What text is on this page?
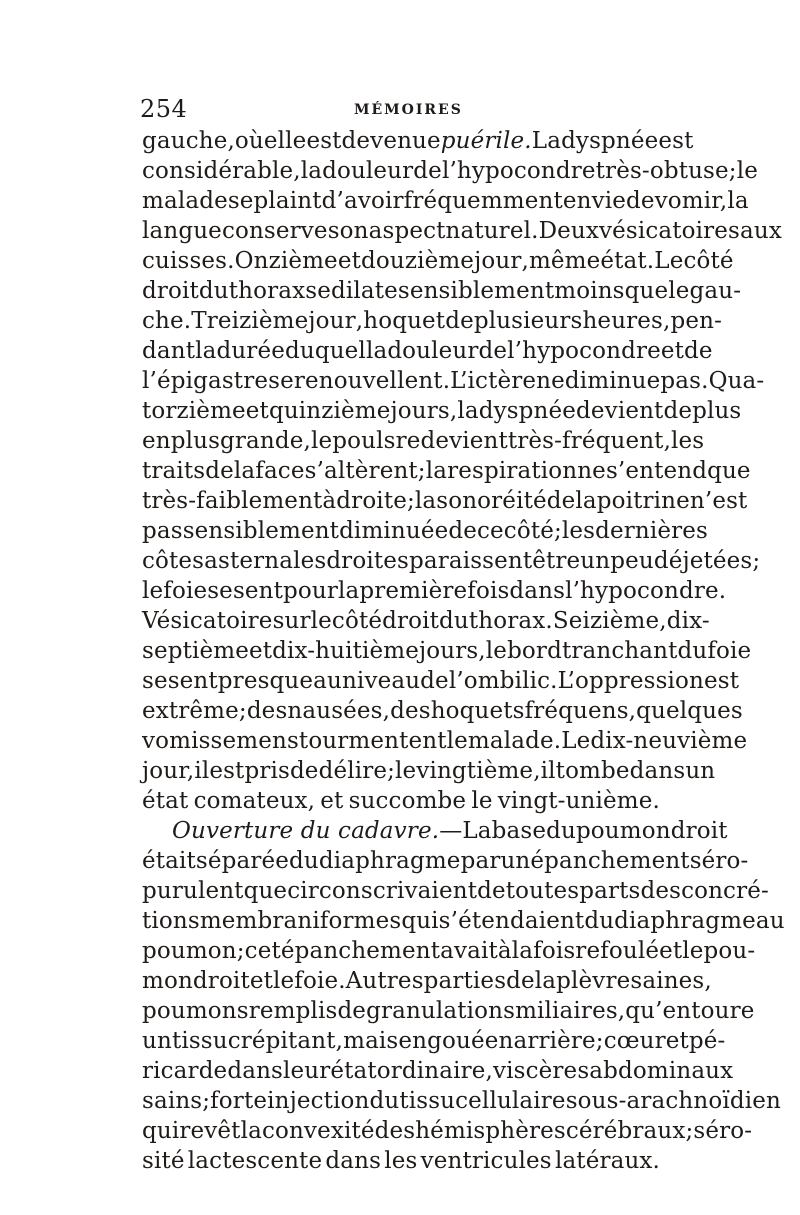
254	MÉMOIRES
gauche, où elle est devenue puérile. La dyspnée est
considérable, la douleur de l’hypocondre très-obtuse ; le
malade se plaint d’avoir fréquemment envie de vomir, la
langue conserve son aspect naturel. Deux vésicatoires aux
cuisses. Onzième et douzième jour , même état. Le côté
droit du thorax se dilate sensiblement moins que le gau-
che. Treizième jour , hoquet de plusieurs heures , pen-
dant la durée duquel la douleur de l’hypocondre et de
l’épigastre se renouvellent. L’ictère ne diminue pas. Qua-
torzième et quinzième jours, la dyspnée devient de plus
en plus grande, le pouls redevient très-fréquent, les
traits de la face s’altèrent; la respiration ne s’entend que
très-faiblement à droite; la sonoréité de la poitrine n’est
pas sensiblement diminuée de ce côté; les dernières
côtes asternales droites paraissent être un peu déjetées ;
le foie se sent pour la première fois dans l’hypocondre.
Vésicatoire sur le côté droit du thorax. Seizième, dix-
septième et dix-huitième jours, le bord tranchant du foie
se sent presque au niveau de l’ombilic. L’oppression est
extrême; des nausées, des hoquets fréquens, quelques
vomissemens tourmentent le malade. Le dix-neuvième
jour, il est pris de délire; le vingtième , il tombe dans un
état comateux, et succombe le vingt-unième.
Ouverture du cadavre. — La base du poumon droit
était séparée du diaphragme par un épanchement séro-
purulent que circonscrivaient de toutes parts des concré-
tions membraniformes qui s’étendaient du diaphragme au
poumon; cet épanchement avait à la fois refoulé et le pou-
mon droit et le foie. Autres parties de la plèvre saines,
poumons remplis de granulations miliaires, qu’entoure
un tissu crépitant, mais engoué en arrière; cœur et pé-
ricarde dans leur état ordinaire, viscères abdominaux
sains; forte injection du tissu cellulaire sous-arachnoïdien
qui revêt la convexité des hémisphères cérébraux ; séro-
sité lactescente dans les ventricules latéraux.
